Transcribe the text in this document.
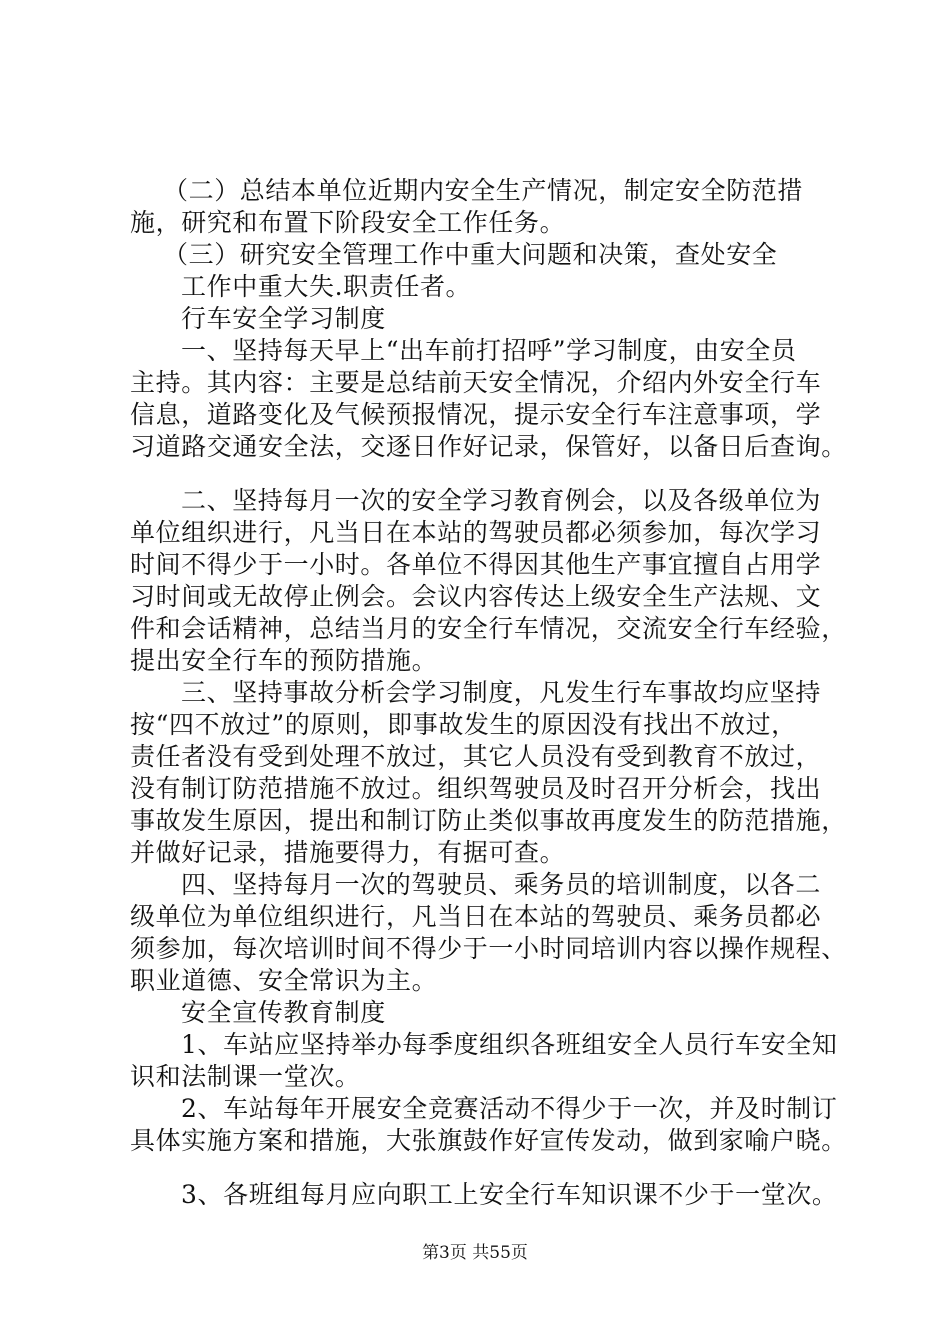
（二）总结本单位近期内安全生产情况，制定安全防范措
施，研究和布置下阶段安全工作任务。
（三）研究安全管理工作中重大问题和决策，查处安全
工作中重大失.职责任者。
行车安全学习制度
一、坚持每天早上“出车前打招呼”学习制度，由安全员
主持。其内容：主要是总结前天安全情况，介绍内外安全行车
信息，道路变化及气候预报情况，提示安全行车注意事项，学
习道路交通安全法，交逐日作好记录，保管好，以备日后查询。
二、坚持每月一次的安全学习教育例会，以及各级单位为
单位组织进行，凡当日在本站的驾驶员都必须参加，每次学习
时间不得少于一小时。各单位不得因其他生产事宜擅自占用学
习时间或无故停止例会。会议内容传达上级安全生产法规、文
件和会话精神，总结当月的安全行车情况，交流安全行车经验，
提出安全行车的预防措施。
三、坚持事故分析会学习制度，凡发生行车事故均应坚持
按“四不放过”的原则，即事故发生的原因没有找出不放过，
责任者没有受到处理不放过，其它人员没有受到教育不放过，
没有制订防范措施不放过。组织驾驶员及时召开分析会，找出
事故发生原因，提出和制订防止类似事故再度发生的防范措施，
并做好记录，措施要得力，有据可查。
四、坚持每月一次的驾驶员、乘务员的培训制度，以各二
级单位为单位组织进行，凡当日在本站的驾驶员、乘务员都必
须参加，每次培训时间不得少于一小时同培训内容以操作规程、
职业道德、安全常识为主。
安全宣传教育制度
1、车站应坚持举办每季度组织各班组安全人员行车安全知
识和法制课一堂次。
2、车站每年开展安全竞赛活动不得少于一次，并及时制订
具体实施方案和措施，大张旗鼓作好宣传发动，做到家喻户晓。
3、各班组每月应向职工上安全行车知识课不少于一堂次。
第3页 共55页
